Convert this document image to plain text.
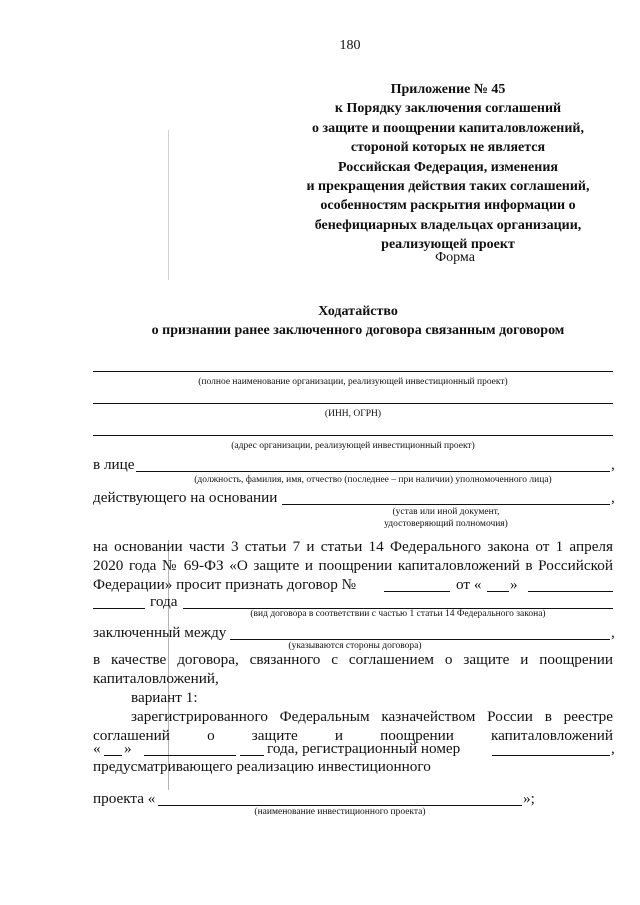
180
Приложение № 45
к Порядку заключения соглашений
о защите и поощрении капиталовложений,
стороной которых не является
Российская Федерация, изменения
и прекращения действия таких соглашений,
особенностям раскрытия информации о
бенефициарных владельцах организации,
реализующей проект
Форма
Ходатайство
о признании ранее заключенного договора связанным договором
(полное наименование организации, реализующей инвестиционный проект)
(ИНН, ОГРН)
(адрес организации, реализующей инвестиционный проект)
в лице	,
(должность, фамилия, имя, отчество (последнее – при наличии) уполномоченного лица)
действующего на основании	,
(устав или иной документ,
удостоверяющий полномочия)
на основании части 3 статьи 7 и статьи 14 Федерального закона от 1 апреля
2020 года № 69-ФЗ «О защите и поощрении капиталовложений в Российской
Федерации» просит признать договор №	от « »
года
(вид договора в соответствии с частью 1 статьи 14 Федерального закона)
заключенный между	,
(указываются стороны договора)
в качестве договора, связанного с соглашением о защите и поощрении
капиталовложений,
вариант 1:
зарегистрированного Федеральным казначейством России в реестре
соглашений о защите и поощрении капиталовложений
« »	года, регистрационный номер	,
предусматривающего реализацию инвестиционного
проекта «	»;
(наименование инвестиционного проекта)
